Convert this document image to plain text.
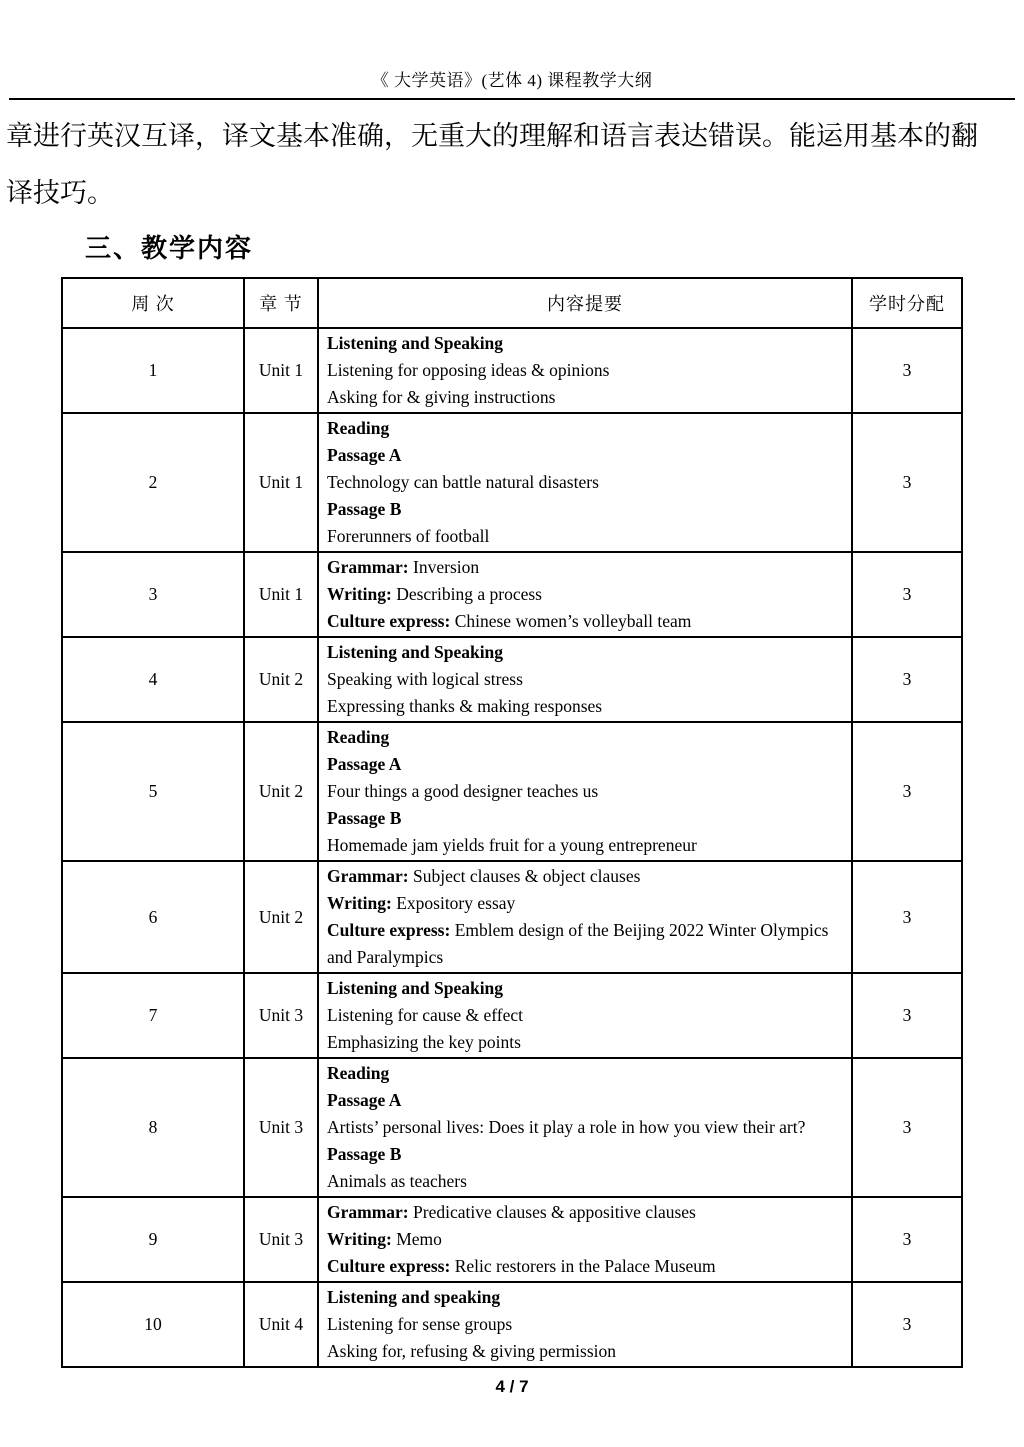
《 大学英语》(艺体 4) 课程教学大纲
章进行英汉互译，译文基本准确，无重大的理解和语言表达错误。能运用基本的翻
译技巧。
三、教学内容
周 次	章 节	内容提要	学时分配
1	Unit 1	Listening and Speaking
Listening for opposing ideas & opinions
Asking for & giving instructions	3
2	Unit 1	Reading
Passage A
Technology can battle natural disasters
Passage B
Forerunners of football	3
3	Unit 1	Grammar: Inversion
Writing: Describing a process
Culture express: Chinese women’s volleyball team	3
4	Unit 2	Listening and Speaking
Speaking with logical stress
Expressing thanks & making responses	3
5	Unit 2	Reading
Passage A
Four things a good designer teaches us
Passage B
Homemade jam yields fruit for a young entrepreneur	3
6	Unit 2	Grammar: Subject clauses & object clauses
Writing: Expository essay
Culture express: Emblem design of the Beijing 2022 Winter Olympics and Paralympics	3
7	Unit 3	Listening and Speaking
Listening for cause & effect
Emphasizing the key points	3
8	Unit 3	Reading
Passage A
Artists’ personal lives: Does it play a role in how you view their art?
Passage B
Animals as teachers	3
9	Unit 3	Grammar: Predicative clauses & appositive clauses
Writing: Memo
Culture express: Relic restorers in the Palace Museum	3
10	Unit 4	Listening and speaking
Listening for sense groups
Asking for, refusing & giving permission	3
4 / 7
